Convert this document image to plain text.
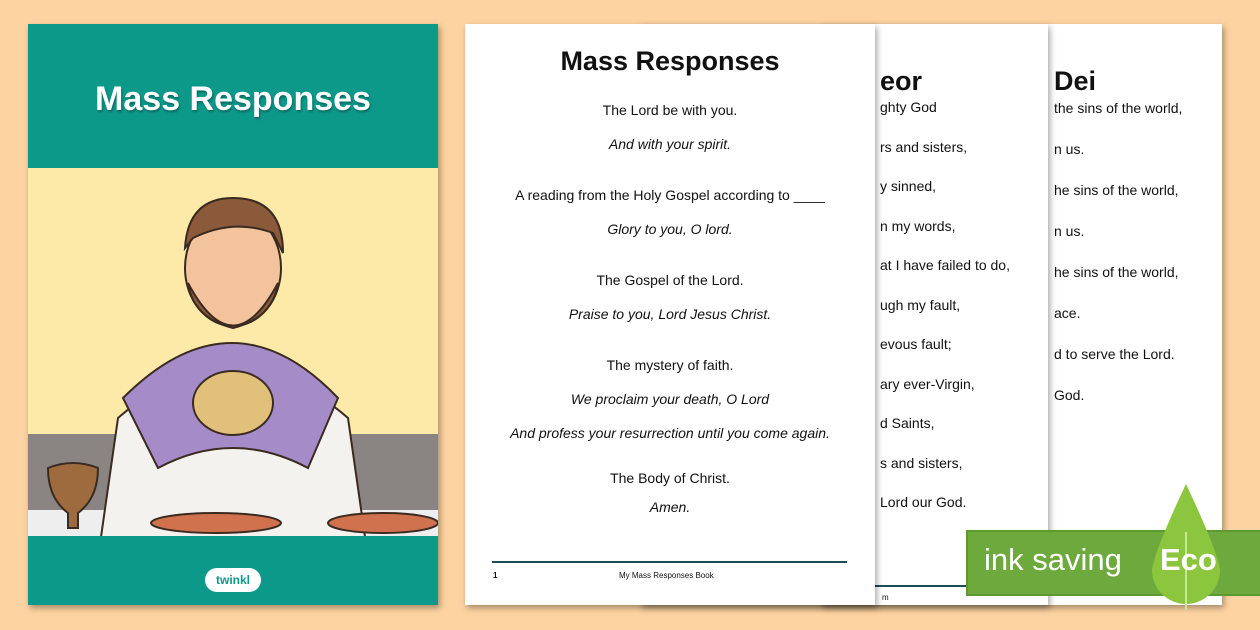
Dei
the sins of the world,
n us.
he sins of the world,
n us.
he sins of the world,
ace.
d to serve the Lord.
God.
eor
ghty God
rs and sisters,
y sinned,
n my words,
at I have failed to do,
ugh my fault,
evous fault;
ary ever-Virgin,
d Saints,
s and sisters,
Lord our God.
m
Mass Responses
The Lord be with you.
And with your spirit.
A reading from the Holy Gospel according to ____
Glory to you, O lord.
The Gospel of the Lord.
Praise to you, Lord Jesus Christ.
The mystery of faith.
We proclaim your death, O Lord
And profess your resurrection until you come again.
The Body of Christ.
Amen.
1	My Mass Responses Book
Mass Responses
twinkl
ink saving Eco
